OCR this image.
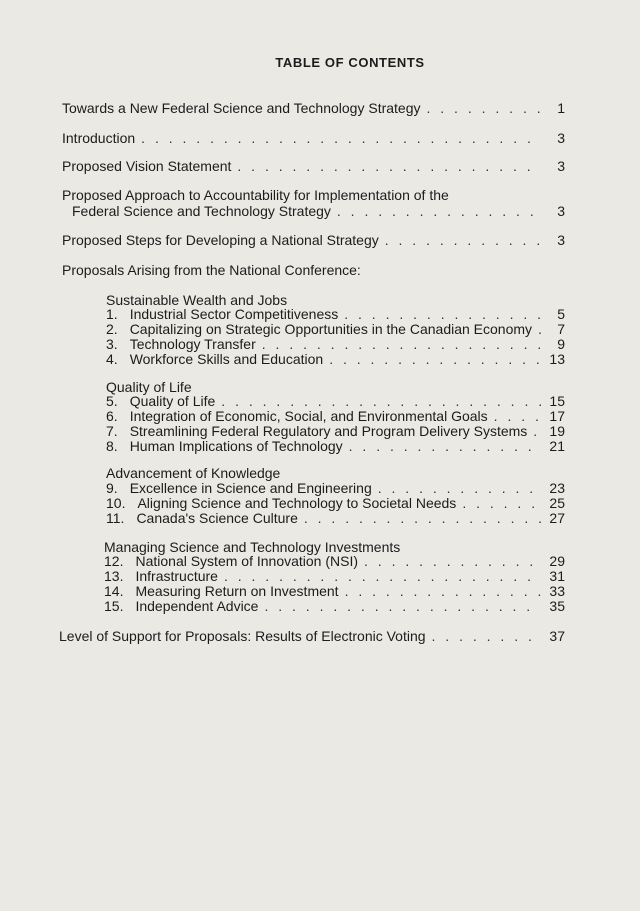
TABLE OF CONTENTS
Towards a New Federal Science and Technology Strategy . . .	1
Introduction . . .	3
Proposed Vision Statement . . .	3
Proposed Approach to Accountability for Implementation of the
Federal Science and Technology Strategy . . .	3
Proposed Steps for Developing a National Strategy . . .	3
Proposals Arising from the National Conference:
Sustainable Wealth and Jobs
1. Industrial Sector Competitiveness . . .	5
2. Capitalizing on Strategic Opportunities in the Canadian Economy . . .	7
3. Technology Transfer . . .	9
4. Workforce Skills and Education . . .	13
Quality of Life
5. Quality of Life . . .	15
6. Integration of Economic, Social, and Environmental Goals . . .	17
7. Streamlining Federal Regulatory and Program Delivery Systems . . . 19
8. Human Implications of Technology . . .	21
Advancement of Knowledge
9. Excellence in Science and Engineering . . .	23
10. Aligning Science and Technology to Societal Needs . . .	25
11. Canada's Science Culture . . .	27
Managing Science and Technology Investments
12. National System of Innovation (NSI) . . .	29
13. Infrastructure . . .	31
14. Measuring Return on Investment . . .	33
15. Independent Advice . . .	35
Level of Support for Proposals: Results of Electronic Voting . . .	37
